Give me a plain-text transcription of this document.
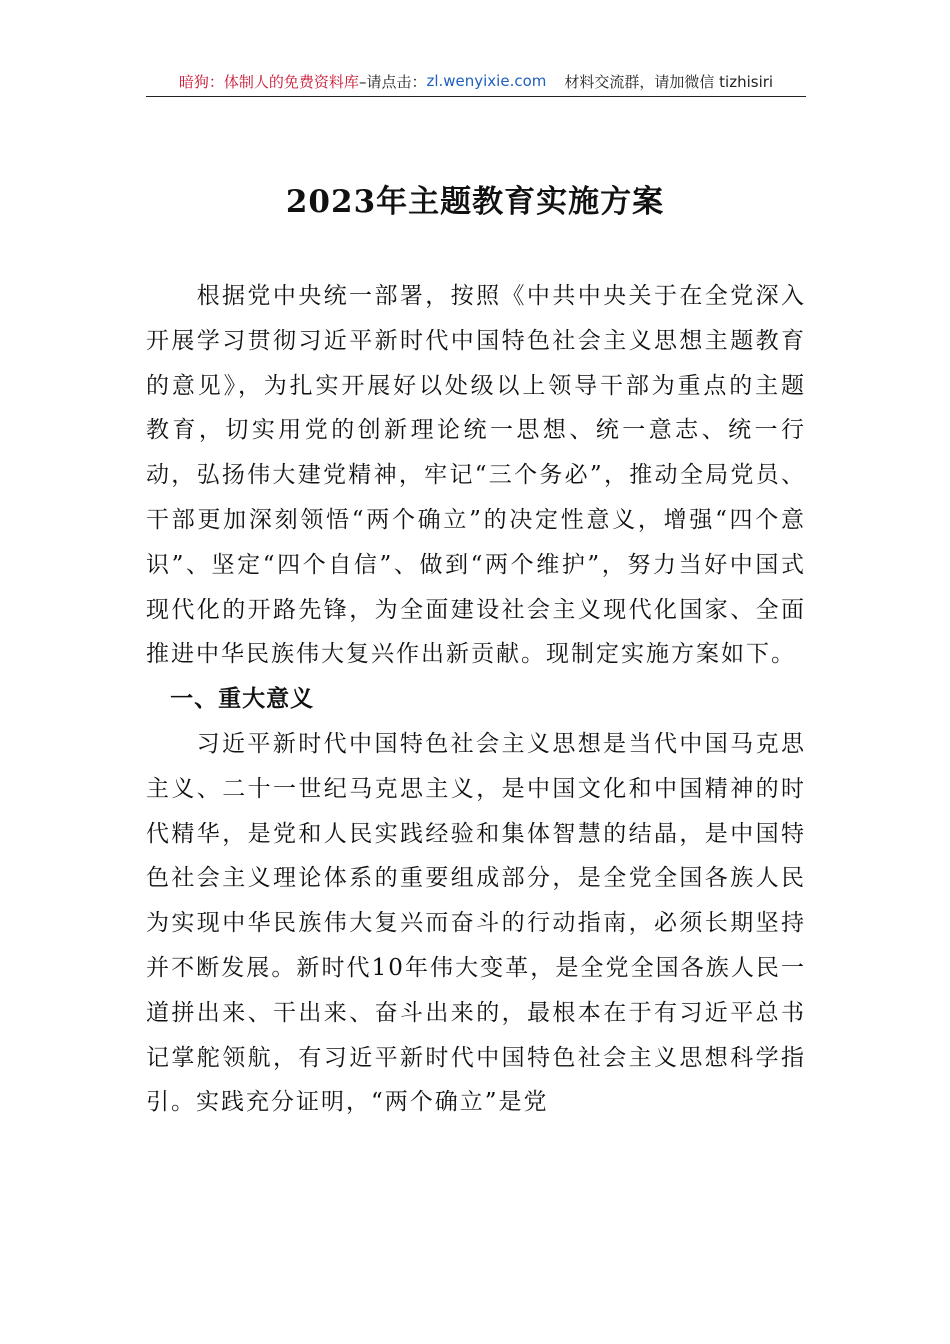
暗狗：体制人的免费资料库 –请点击： zl.wenyixie.com 材料交流群，请加微信 tizhisiri
2023年主题教育实施方案

根据党中央统一部署，按照《中共中央关于在全党深入开展学习贯彻习近平新时代中国特色社会主义思想主题教育的意见》，为扎实开展好以处级以上领导干部为重点的主题教育，切实用党的创新理论统一思想、统一意志、统一行动，弘扬伟大建党精神，牢记“三个务必”，推动全局党员、干部更加深刻领悟“两个确立”的决定性意义，增强“四个意识”、坚定“四个自信”、做到“两个维护”，努力当好中国式现代化的开路先锋，为全面建设社会主义现代化国家、全面推进中华民族伟大复兴作出新贡献。现制定实施方案如下。

一、重大意义

习近平新时代中国特色社会主义思想是当代中国马克思主义、二十一世纪马克思主义，是中国文化和中国精神的时代精华，是党和人民实践经验和集体智慧的结晶，是中国特色社会主义理论体系的重要组成部分，是全党全国各族人民为实现中华民族伟大复兴而奋斗的行动指南，必须长期坚持并不断发展。新时代10年伟大变革，是全党全国各族人民一道拼出来、干出来、奋斗出来的，最根本在于有习近平总书记掌舵领航，有习近平新时代中国特色社会主义思想科学指引。实践充分证明，“两个确立”是党
